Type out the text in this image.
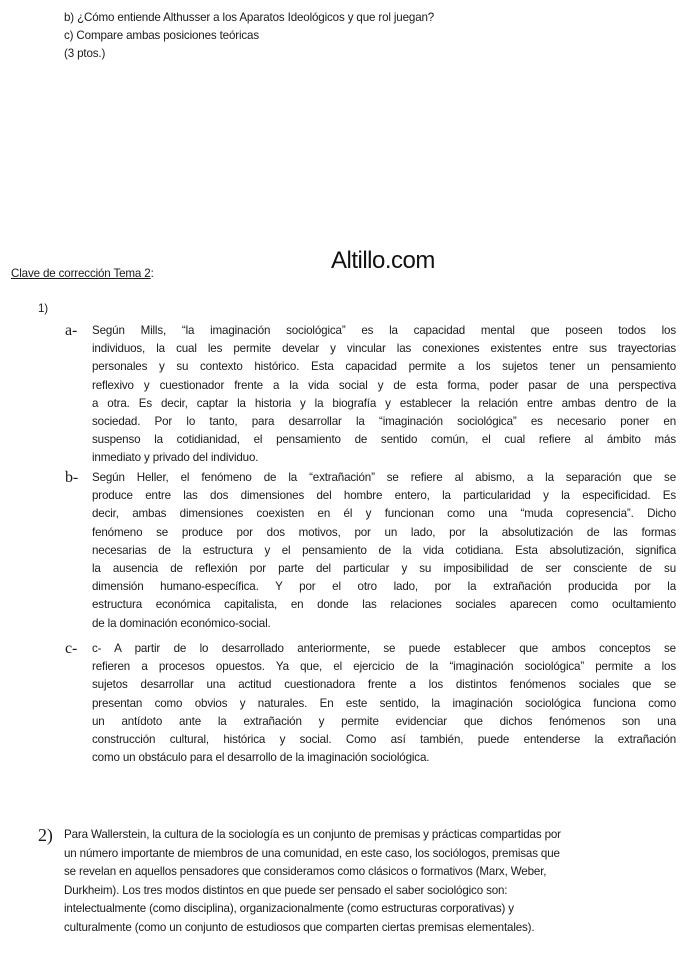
b) ¿Cómo entiende Althusser a los Aparatos Ideológicos y que rol juegan?
c) Compare ambas posiciones teóricas
(3 ptos.)
Altillo.com
Clave de corrección Tema 2:
1)
a- Según Mills, “la imaginación sociológica” es la capacidad mental que poseen todos los
individuos, la cual les permite develar y vincular las conexiones existentes entre sus trayectorias
personales y su contexto histórico. Esta capacidad permite a los sujetos tener un pensamiento
reflexivo y cuestionador frente a la vida social y de esta forma, poder pasar de una perspectiva
a otra. Es decir, captar la historia y la biografía y establecer la relación entre ambas dentro de la
sociedad. Por lo tanto, para desarrollar la “imaginación sociológica” es necesario poner en
suspenso la cotidianidad, el pensamiento de sentido común, el cual refiere al ámbito más
inmediato y privado del individuo.
b- Según Heller, el fenómeno de la “extrañación” se refiere al abismo, a la separación que se
produce entre las dos dimensiones del hombre entero, la particularidad y la especificidad. Es
decir, ambas dimensiones coexisten en él y funcionan como una “muda copresencia”. Dicho
fenómeno se produce por dos motivos, por un lado, por la absolutización de las formas
necesarias de la estructura y el pensamiento de la vida cotidiana. Esta absolutización, significa
la ausencia de reflexión por parte del particular y su imposibilidad de ser consciente de su
dimensión humano-específica. Y por el otro lado, por la extrañación producida por la
estructura económica capitalista, en donde las relaciones sociales aparecen como ocultamiento
de la dominación económico-social.
c- c- A partir de lo desarrollado anteriormente, se puede establecer que ambos conceptos se
refieren a procesos opuestos. Ya que, el ejercicio de la “imaginación sociológica” permite a los
sujetos desarrollar una actitud cuestionadora frente a los distintos fenómenos sociales que se
presentan como obvios y naturales. En este sentido, la imaginación sociológica funciona como
un antídoto ante la extrañación y permite evidenciar que dichos fenómenos son una
construcción cultural, histórica y social. Como así también, puede entenderse la extrañación
como un obstáculo para el desarrollo de la imaginación sociológica.
2) Para Wallerstein, la cultura de la sociología es un conjunto de premisas y prácticas compartidas por
un número importante de miembros de una comunidad, en este caso, los sociólogos, premisas que
se revelan en aquellos pensadores que consideramos como clásicos o formativos (Marx, Weber,
Durkheim). Los tres modos distintos en que puede ser pensado el saber sociológico son:
intelectualmente (como disciplina), organizacionalmente (como estructuras corporativas) y
culturalmente (como un conjunto de estudiosos que comparten ciertas premisas elementales).
